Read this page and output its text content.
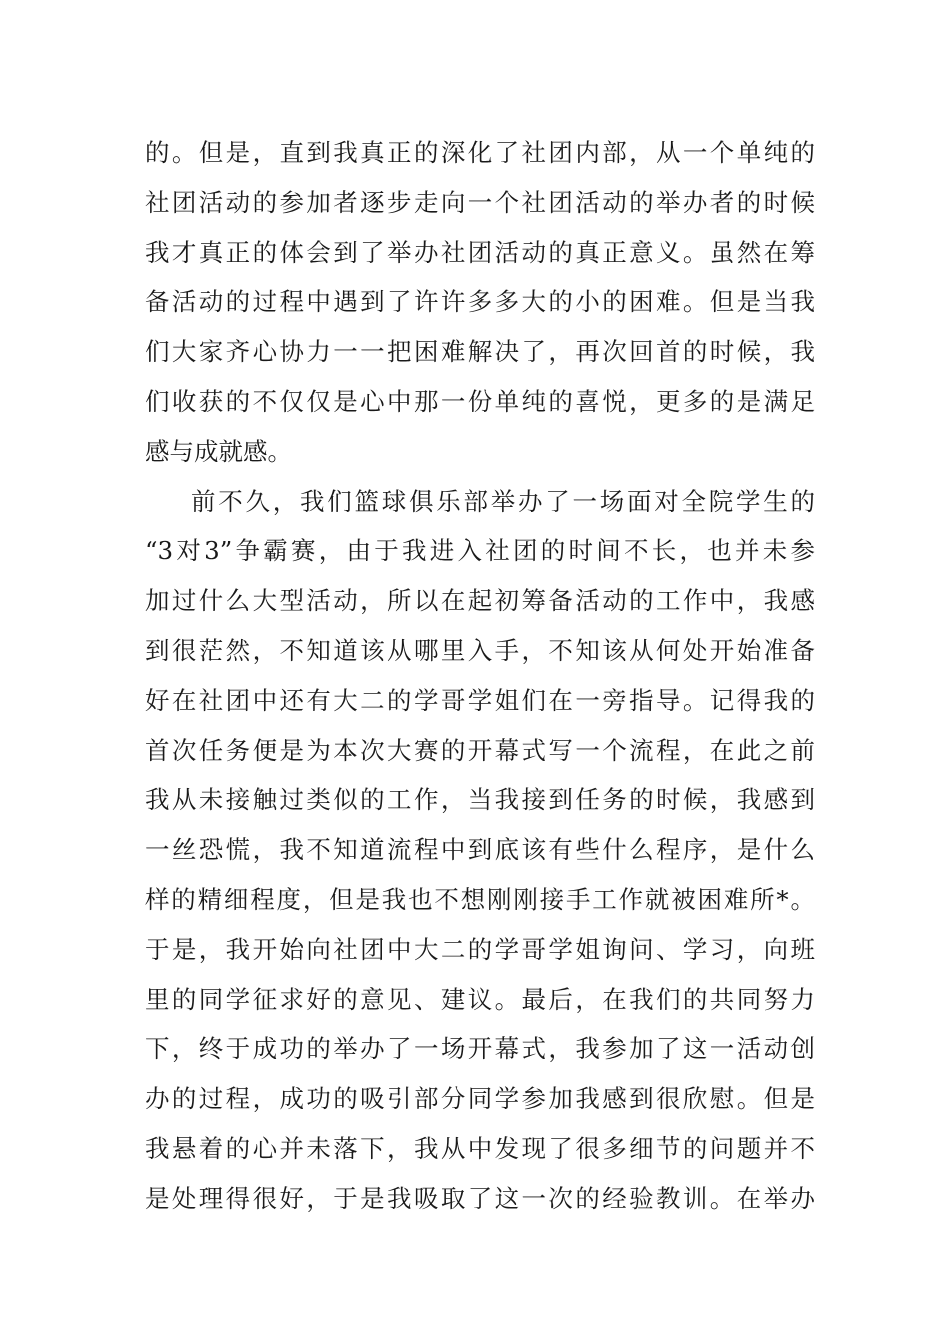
的。但是，直到我真正的深化了社团内部，从一个单纯的
社团活动的参加者逐步走向一个社团活动的举办者的时候
我才真正的体会到了举办社团活动的真正意义。虽然在筹
备活动的过程中遇到了许许多多大的小的困难。但是当我
们大家齐心协力一一把困难解决了，再次回首的时候，我
们收获的不仅仅是心中那一份单纯的喜悦，更多的是满足
感与成就感。
前不久，我们篮球俱乐部举办了一场面对全院学生的
“3对3”争霸赛，由于我进入社团的时间不长，也并未参
加过什么大型活动，所以在起初筹备活动的工作中，我感
到很茫然，不知道该从哪里入手，不知该从何处开始准备
好在社团中还有大二的学哥学姐们在一旁指导。记得我的
首次任务便是为本次大赛的开幕式写一个流程，在此之前
我从未接触过类似的工作，当我接到任务的时候，我感到
一丝恐慌，我不知道流程中到底该有些什么程序，是什么
样的精细程度，但是我也不想刚刚接手工作就被困难所*。
于是，我开始向社团中大二的学哥学姐询问、学习，向班
里的同学征求好的意见、建议。最后，在我们的共同努力
下，终于成功的举办了一场开幕式，我参加了这一活动创
办的过程，成功的吸引部分同学参加我感到很欣慰。但是
我悬着的心并未落下，我从中发现了很多细节的问题并不
是处理得很好，于是我吸取了这一次的经验教训。在举办
